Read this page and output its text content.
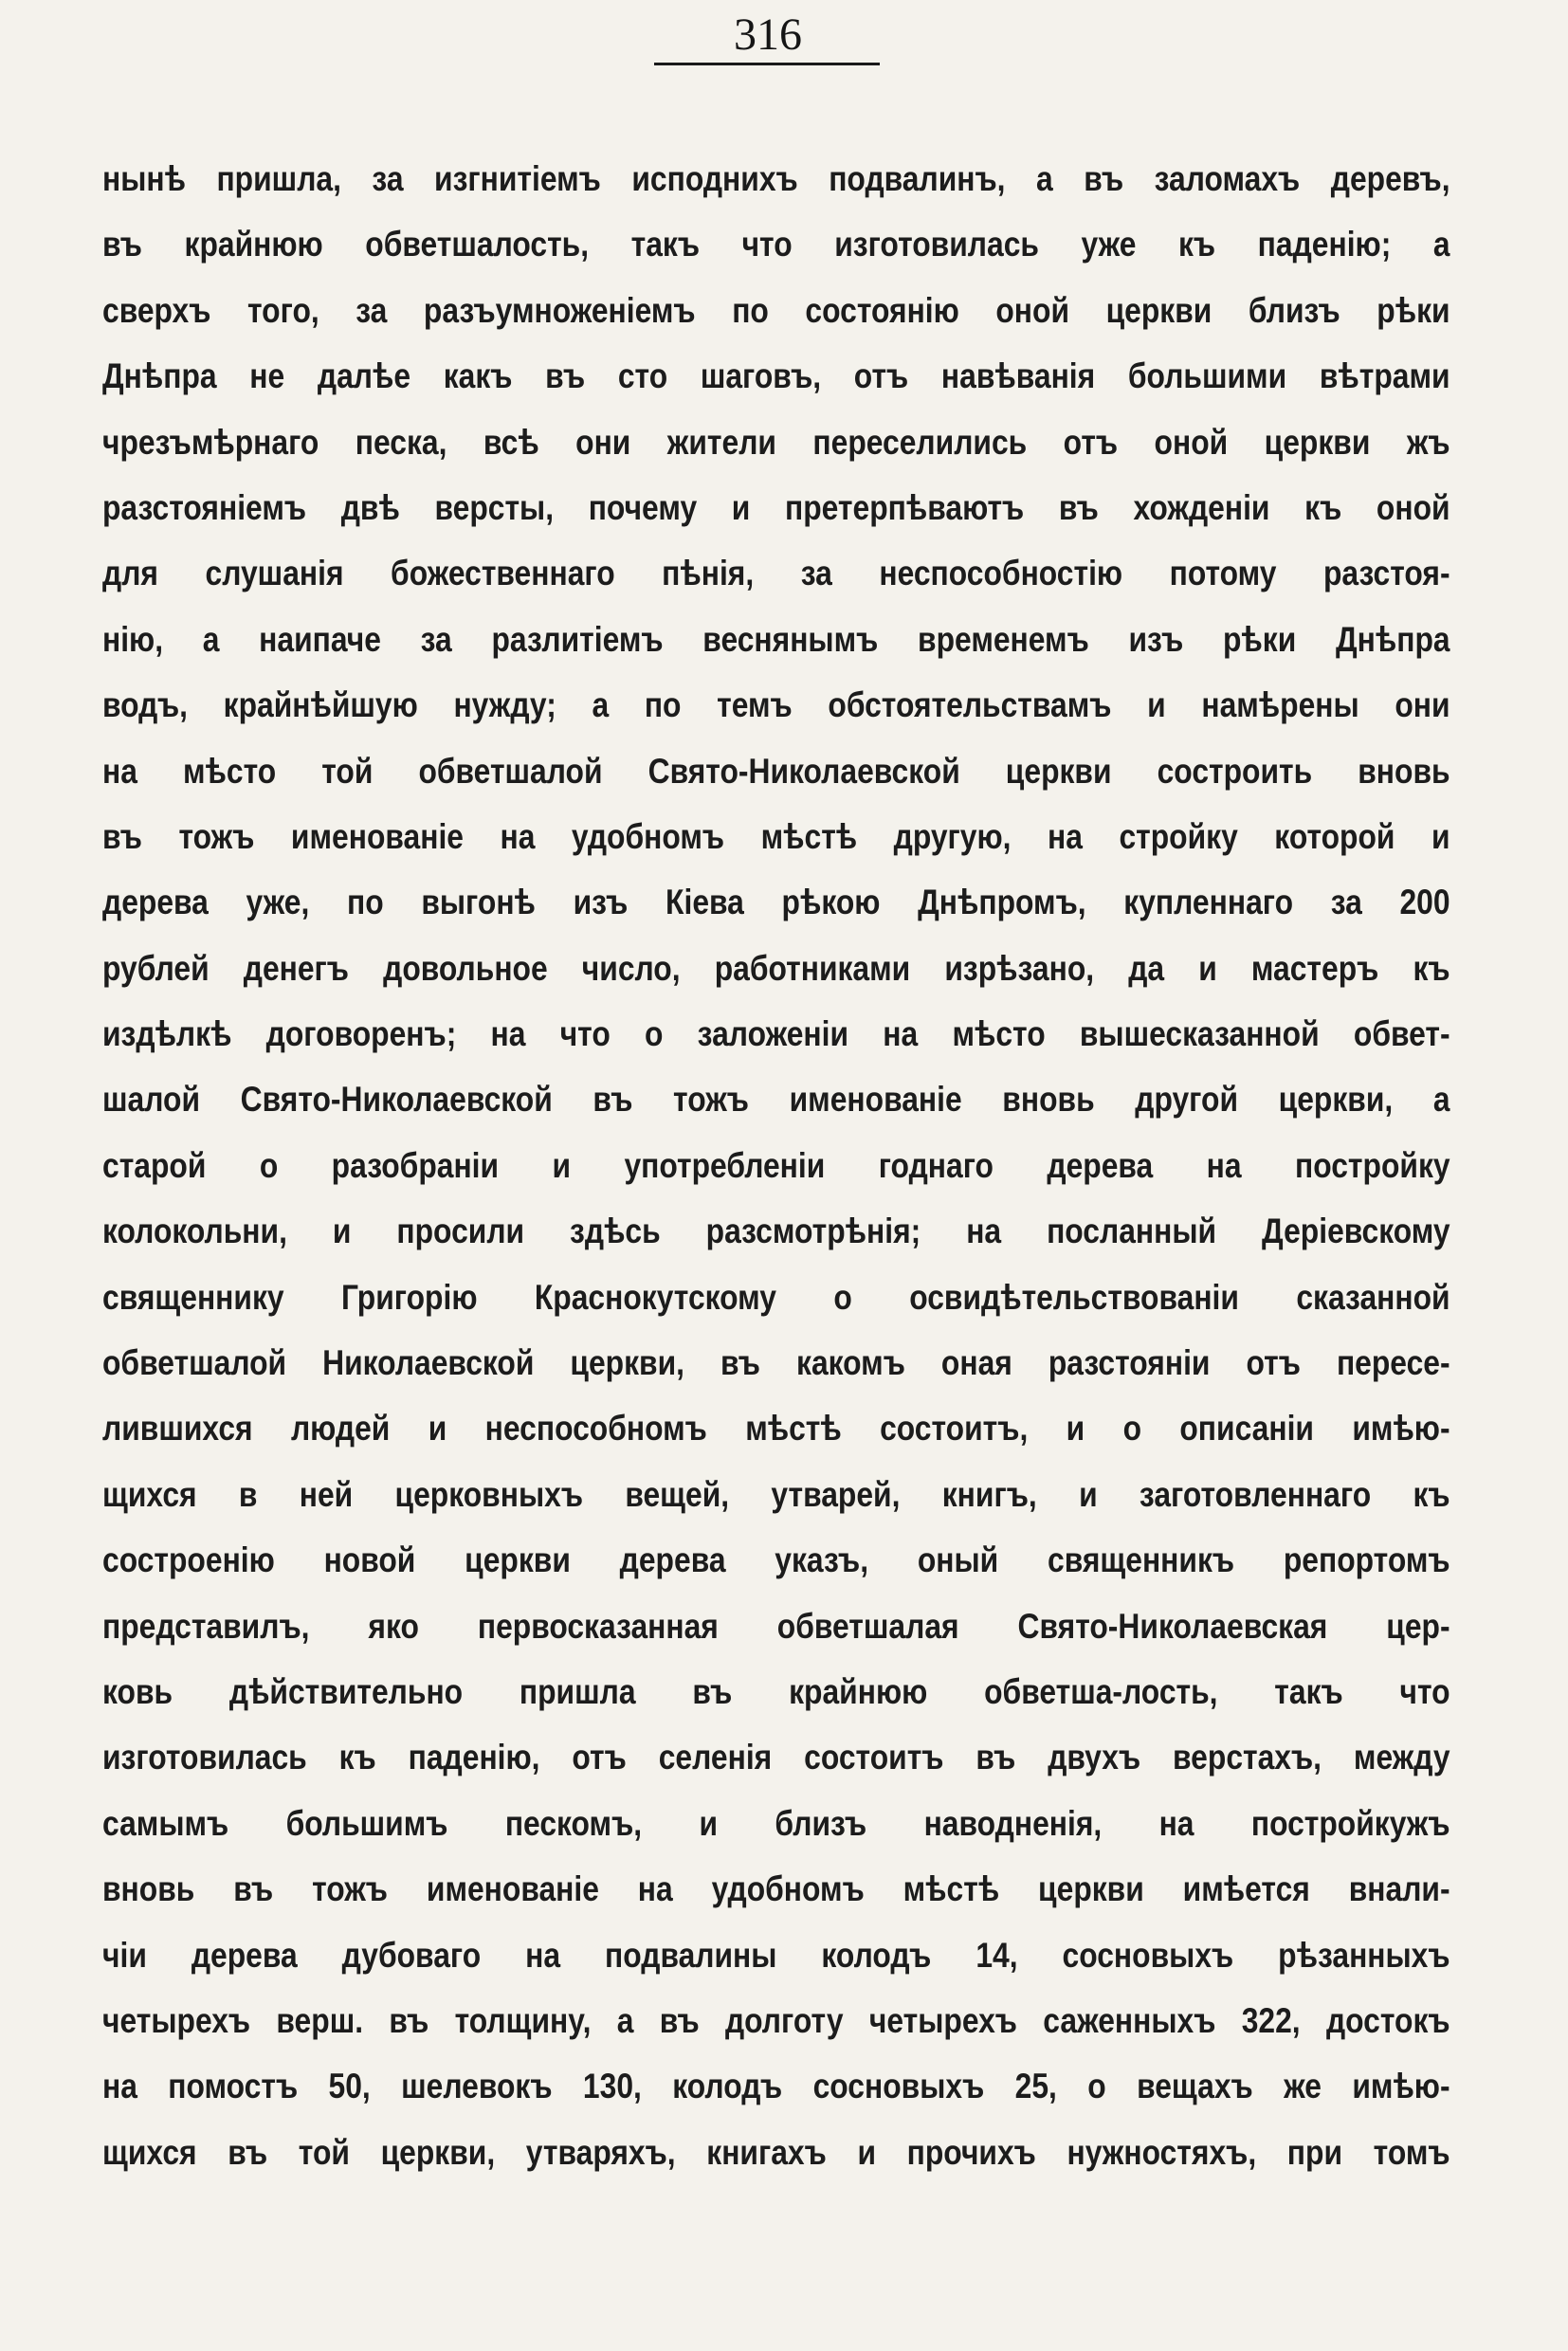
316
нынѣ пришла, за изгнитіемъ исподнихъ подвалинъ, а въ заломахъ деревъ,
въ крайнюю обветшалость, такъ что изготовилась уже къ паденію; а
сверхъ того, за разъумноженіемъ по состоянію оной церкви близъ рѣки
Днѣпра не далѣе какъ въ сто шаговъ, отъ навѣванія большими вѣтрами
чрезъмѣрнаго песка, всѣ они жители переселились отъ оной церкви жъ
разстояніемъ двѣ версты, почему и претерпѣваютъ въ хожденіи къ оной
для слушанія божественнаго пѣнія, за неспособностію потому разстоя-
нію, а наипаче за разлитіемъ веснянымъ временемъ изъ рѣки Днѣпра
водъ, крайнѣйшую нужду; а по темъ обстоятельствамъ и намѣрены они
на мѣсто той обветшалой Свято-Николаевской церкви состроить вновь
въ тожъ именованіе на удобномъ мѣстѣ другую, на стройку которой и
дерева уже, по выгонѣ изъ Кіева рѣкою Днѣпромъ, купленнаго за 200
рублей денегъ довольное число, работниками изрѣзано, да и мастеръ къ
издѣлкѣ договоренъ; на что о заложеніи на мѣсто вышесказанной обвет-
шалой Свято-Николаевской въ тожъ именованіе вновь другой церкви, а
старой о разобраніи и употребленіи годнаго дерева на постройку
колокольни, и просили здѣсь разсмотрѣнія; на посланный Деріевскому
священнику Григорію Краснокутскому о освидѣтельствованіи сказанной
обветшалой Николаевской церкви, въ какомъ оная разстояніи отъ пересе-
лившихся людей и неспособномъ мѣстѣ состоитъ, и о описаніи имѣю-
щихся в ней церковныхъ вещей, утварей, книгъ, и заготовленнаго къ
состроенію новой церкви дерева указъ, оный священникъ репортомъ
представилъ, яко первосказанная обветшалая Свято-Николаевская цер-
ковь дѣйствительно пришла въ крайнюю обветша-лость, такъ что
изготовилась къ паденію, отъ селенія состоитъ въ двухъ верстахъ, между
самымъ большимъ пескомъ, и близъ наводненія, на постройкужъ
вновь въ тожъ именованіе на удобномъ мѣстѣ церкви имѣется внали-
чіи дерева дубоваго на подвалины колодъ 14, сосновыхъ рѣзанныхъ
четырехъ верш. въ толщину, а въ долготу четырехъ саженныхъ 322, достокъ
на помостъ 50, шелевокъ 130, колодъ сосновыхъ 25, о вещахъ же имѣю-
щихся въ той церкви, утваряхъ, книгахъ и прочихъ нужностяхъ, при томъ
